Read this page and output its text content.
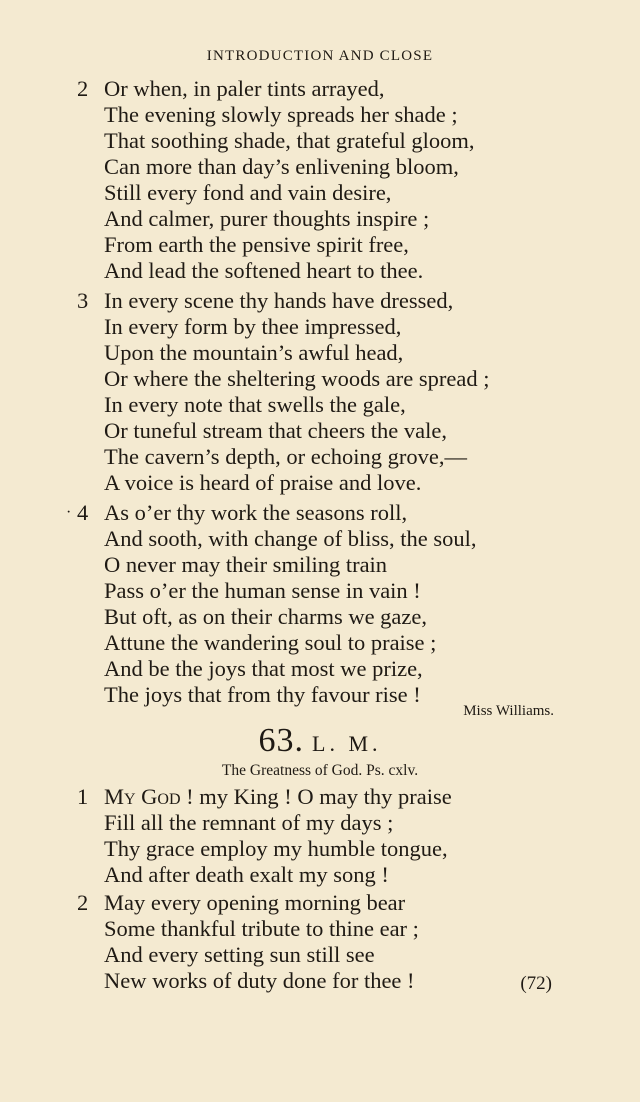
INTRODUCTION AND CLOSE
2 Or when, in paler tints arrayed,
The evening slowly spreads her shade ;
That soothing shade, that grateful gloom,
Can more than day’s enlivening bloom,
Still every fond and vain desire,
And calmer, purer thoughts inspire ;
From earth the pensive spirit free,
And lead the softened heart to thee.
3 In every scene thy hands have dressed,
In every form by thee impressed,
Upon the mountain’s awful head,
Or where the sheltering woods are spread ;
In every note that swells the gale,
Or tuneful stream that cheers the vale,
The cavern’s depth, or echoing grove,—
A voice is heard of praise and love.
· 4 As o’er thy work the seasons roll,
And sooth, with change of bliss, the soul,
O never may their smiling train
Pass o’er the human sense in vain !
But oft, as on their charms we gaze,
Attune the wandering soul to praise ;
And be the joys that most we prize,
The joys that from thy favour rise !
Miss Williams.
63. L. M.
The Greatness of God. Ps. cxlv.
1 My God ! my King ! O may thy praise
Fill all the remnant of my days ;
Thy grace employ my humble tongue,
And after death exalt my song !
2 May every opening morning bear
Some thankful tribute to thine ear ;
And every setting sun still see
New works of duty done for thee !	(72)
